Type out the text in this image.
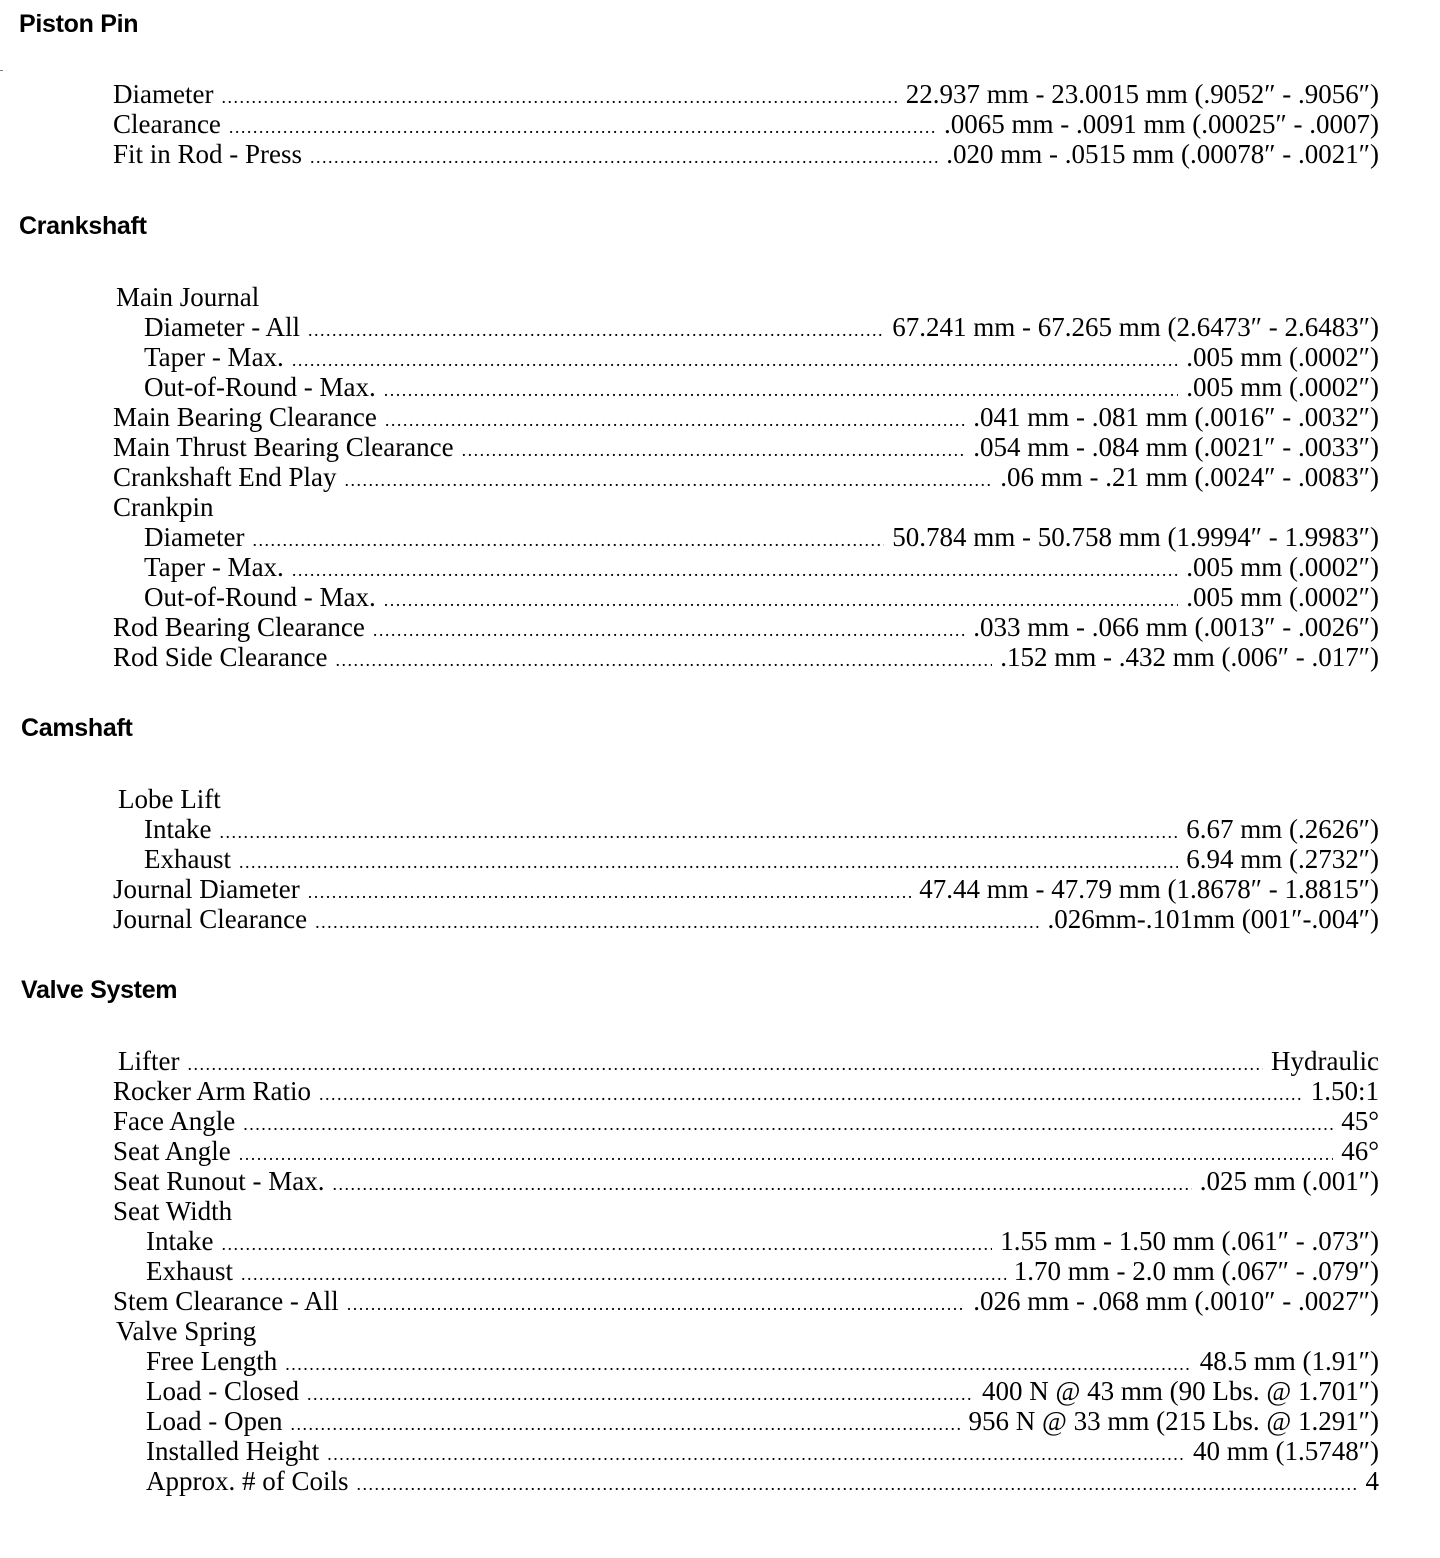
Piston Pin
Diameter .....	22.937 mm - 23.0015 mm (.9052″ - .9056″)
Clearance .....	.0065 mm - .0091 mm (.00025″ - .0007)
Fit in Rod - Press .....	.020 mm - .0515 mm (.00078″ - .0021″)
Crankshaft
Main Journal
Diameter - All .....	67.241 mm - 67.265 mm (2.6473″ - 2.6483″)
Taper - Max. .....	.005 mm (.0002″)
Out-of-Round - Max. .....	.005 mm (.0002″)
Main Bearing Clearance .....	.041 mm - .081 mm (.0016″ - .0032″)
Main Thrust Bearing Clearance .....	.054 mm - .084 mm (.0021″ - .0033″)
Crankshaft End Play .....	.06 mm - .21 mm (.0024″ - .0083″)
Crankpin
Diameter .....	50.784 mm - 50.758 mm (1.9994″ - 1.9983″)
Taper - Max. .....	.005 mm (.0002″)
Out-of-Round - Max. .....	.005 mm (.0002″)
Rod Bearing Clearance .....	.033 mm - .066 mm (.0013″ - .0026″)
Rod Side Clearance .....	.152 mm - .432 mm (.006″ - .017″)
Camshaft
Lobe Lift
Intake .....	6.67 mm (.2626″)
Exhaust .....	6.94 mm (.2732″)
Journal Diameter .....	47.44 mm - 47.79 mm (1.8678″ - 1.8815″)
Journal Clearance .....	.026mm-.101mm (001″-.004″)
Valve System
Lifter .....	Hydraulic
Rocker Arm Ratio .....	1.50:1
Face Angle .....	45°
Seat Angle .....	46°
Seat Runout - Max. .....	.025 mm (.001″)
Seat Width
Intake .....	1.55 mm - 1.50 mm (.061″ - .073″)
Exhaust .....	1.70 mm - 2.0 mm (.067″ - .079″)
Stem Clearance - All .....	.026 mm - .068 mm (.0010″ - .0027″)
Valve Spring
Free Length .....	48.5 mm (1.91″)
Load - Closed .....	400 N @ 43 mm (90 Lbs. @ 1.701″)
Load - Open .....	956 N @ 33 mm (215 Lbs. @ 1.291″)
Installed Height .....	40 mm (1.5748″)
Approx. # of Coils .....	4
